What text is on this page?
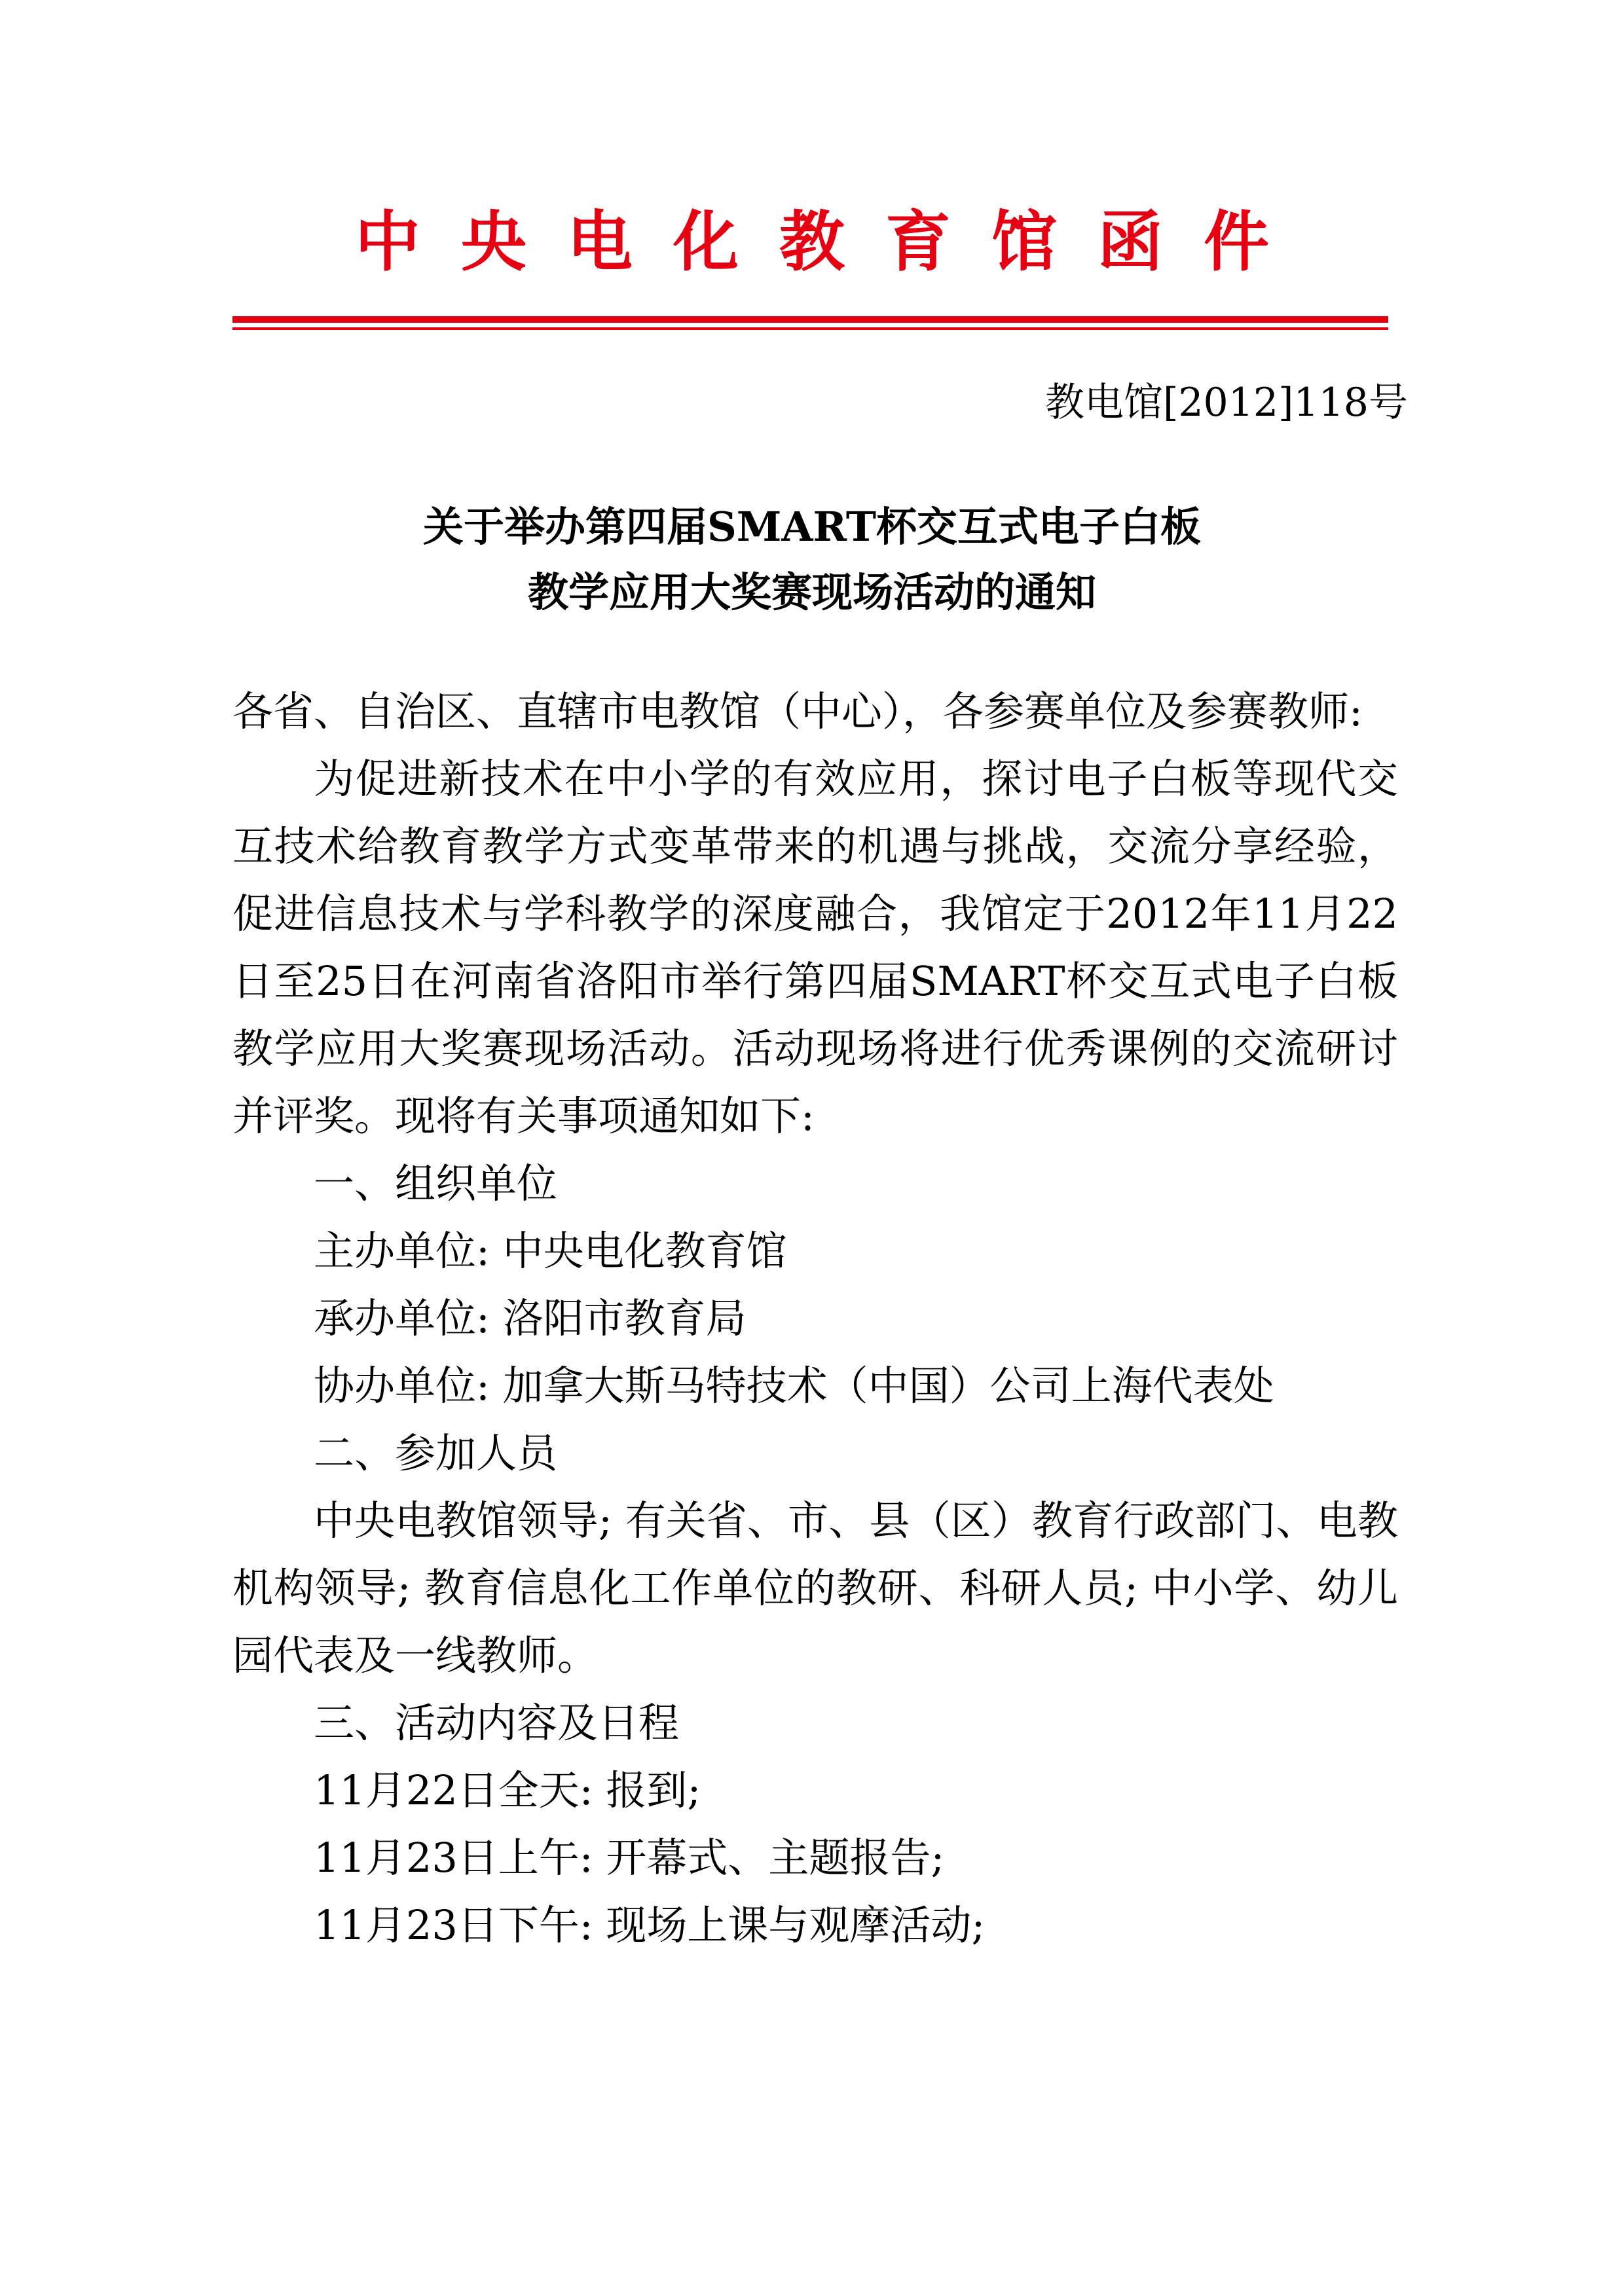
中央电化教育馆函件
教电馆[2012]118号
关于举办第四届SMART杯交互式电子白板
教学应用大奖赛现场活动的通知

各省、自治区、直辖市电教馆（中心），各参赛单位及参赛教师:

为促进新技术在中小学的有效应用，探讨电子白板等现代交互技术给教育教学方式变革带来的机遇与挑战，交流分享经验，促进信息技术与学科教学的深度融合，我馆定于2012年11月22日至25日在河南省洛阳市举行第四届SMART杯交互式电子白板教学应用大奖赛现场活动。活动现场将进行优秀课例的交流研讨并评奖。现将有关事项通知如下:

一、组织单位

主办单位: 中央电化教育馆

承办单位: 洛阳市教育局

协办单位: 加拿大斯马特技术（中国）公司上海代表处

二、参加人员

中央电教馆领导; 有关省、市、县（区）教育行政部门、电教机构领导; 教育信息化工作单位的教研、科研人员; 中小学、幼儿园代表及一线教师。

三、活动内容及日程

11月22日全天: 报到;

11月23日上午: 开幕式、主题报告;

11月23日下午: 现场上课与观摩活动;
